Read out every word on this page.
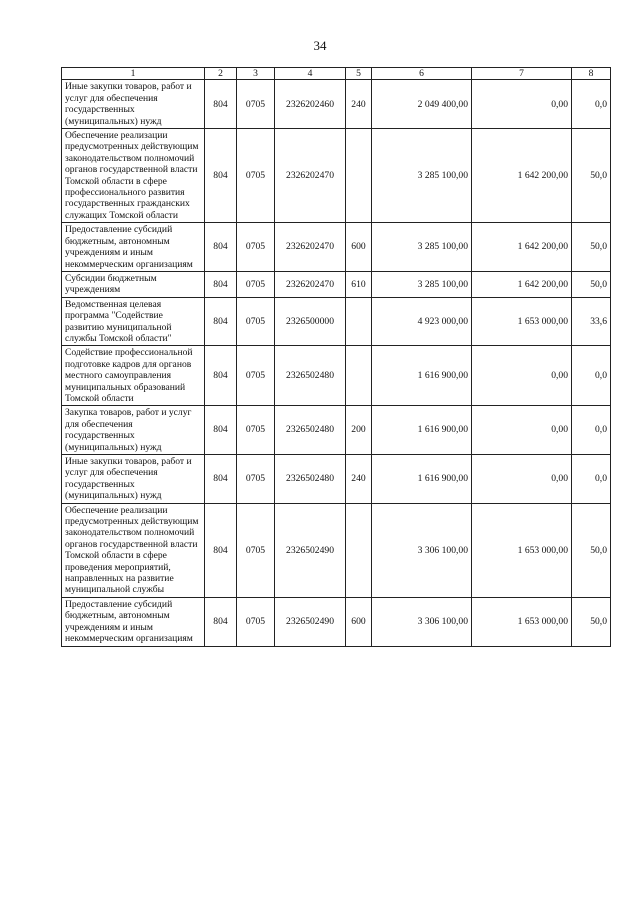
34
1	2	3	4	5	6	7	8
Иные закупки товаров, работ и услуг для обеспечения государственных (муниципальных) нужд	804	0705	2326202460	240	2 049 400,00	0,00	0,0
Обеспечение реализации предусмотренных действующим законодательством полномочий органов государственной власти Томской области в сфере профессионального развития государственных гражданских служащих Томской области	804	0705	2326202470		3 285 100,00	1 642 200,00	50,0
Предоставление субсидий бюджетным, автономным учреждениям и иным некоммерческим организациям	804	0705	2326202470	600	3 285 100,00	1 642 200,00	50,0
Субсидии бюджетным учреждениям	804	0705	2326202470	610	3 285 100,00	1 642 200,00	50,0
Ведомственная целевая программа "Содействие развитию муниципальной службы Томской области"	804	0705	2326500000		4 923 000,00	1 653 000,00	33,6
Содействие профессиональной подготовке кадров для органов местного самоуправления муниципальных образований Томской области	804	0705	2326502480		1 616 900,00	0,00	0,0
Закупка товаров, работ и услуг для обеспечения государственных (муниципальных) нужд	804	0705	2326502480	200	1 616 900,00	0,00	0,0
Иные закупки товаров, работ и услуг для обеспечения государственных (муниципальных) нужд	804	0705	2326502480	240	1 616 900,00	0,00	0,0
Обеспечение реализации предусмотренных действующим законодательством полномочий органов государственной власти Томской области в сфере проведения мероприятий, направленных на развитие муниципальной службы	804	0705	2326502490		3 306 100,00	1 653 000,00	50,0
Предоставление субсидий бюджетным, автономным учреждениям и иным некоммерческим организациям	804	0705	2326502490	600	3 306 100,00	1 653 000,00	50,0
